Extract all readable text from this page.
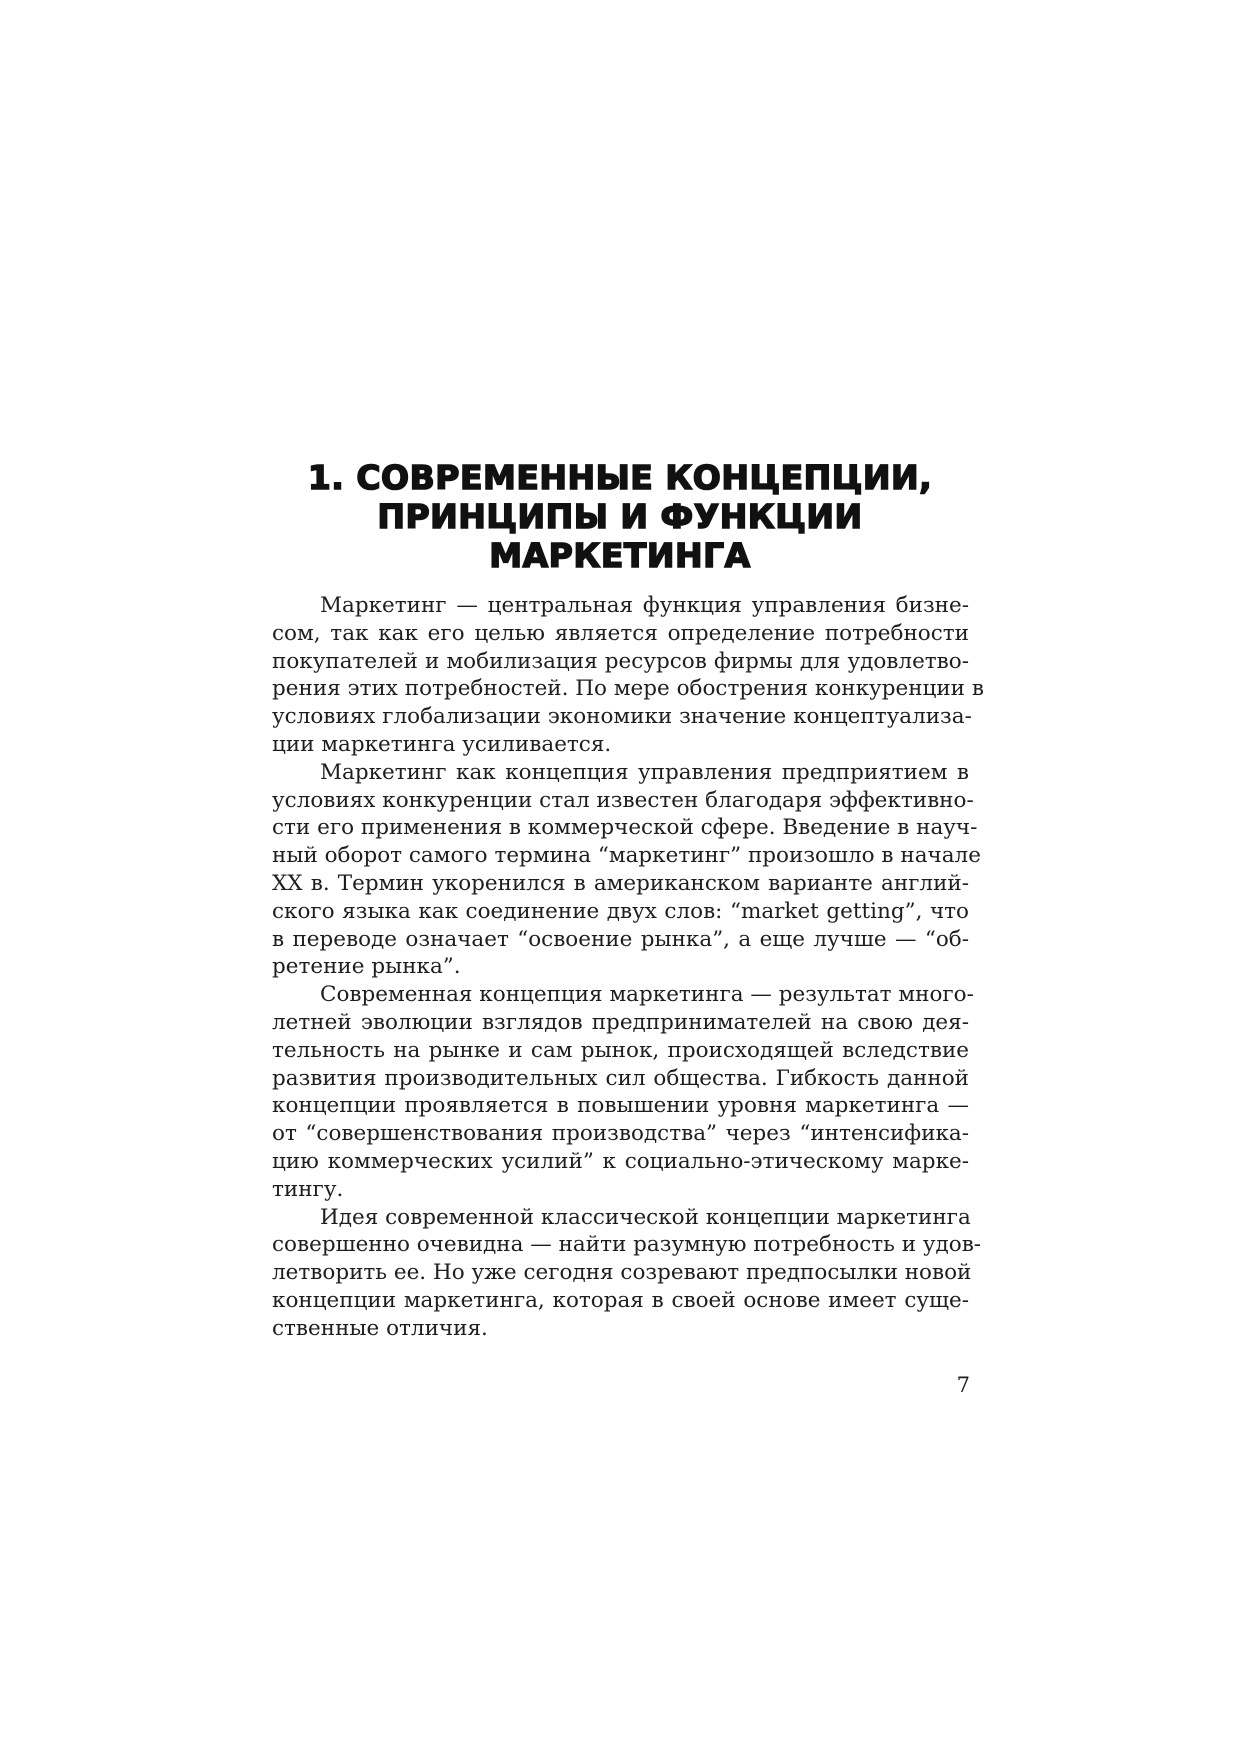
1. СОВРЕМЕННЫЕ КОНЦЕПЦИИ,
ПРИНЦИПЫ И ФУНКЦИИ
МАРКЕТИНГА

Маркетинг — центральная функция управления бизне-
сом, так как его целью является определение потребности
покупателей и мобилизация ресурсов фирмы для удовлетво-
рения этих потребностей. По мере обострения конкуренции в
условиях глобализации экономики значение концептуализа-
ции маркетинга усиливается.

Маркетинг как концепция управления предприятием в
условиях конкуренции стал известен благодаря эффективно-
сти его применения в коммерческой сфере. Введение в науч-
ный оборот самого термина “маркетинг” произошло в начале
XX в. Термин укоренился в американском варианте англий-
ского языка как соединение двух слов: “market getting”, что
в переводе означает “освоение рынка”, а еще лучше — “об-
ретение рынка”.

Современная концепция маркетинга — результат много-
летней эволюции взглядов предпринимателей на свою дея-
тельность на рынке и сам рынок, происходящей вследствие
развития производительных сил общества. Гибкость данной
концепции проявляется в повышении уровня маркетинга —
от “совершенствования производства” через “интенсифика-
цию коммерческих усилий” к социально-этическому марке-
тингу.

Идея современной классической концепции маркетинга
совершенно очевидна — найти разумную потребность и удов-
летворить ее. Но уже сегодня созревают предпосылки новой
концепции маркетинга, которая в своей основе имеет суще-
ственные отличия.

7
